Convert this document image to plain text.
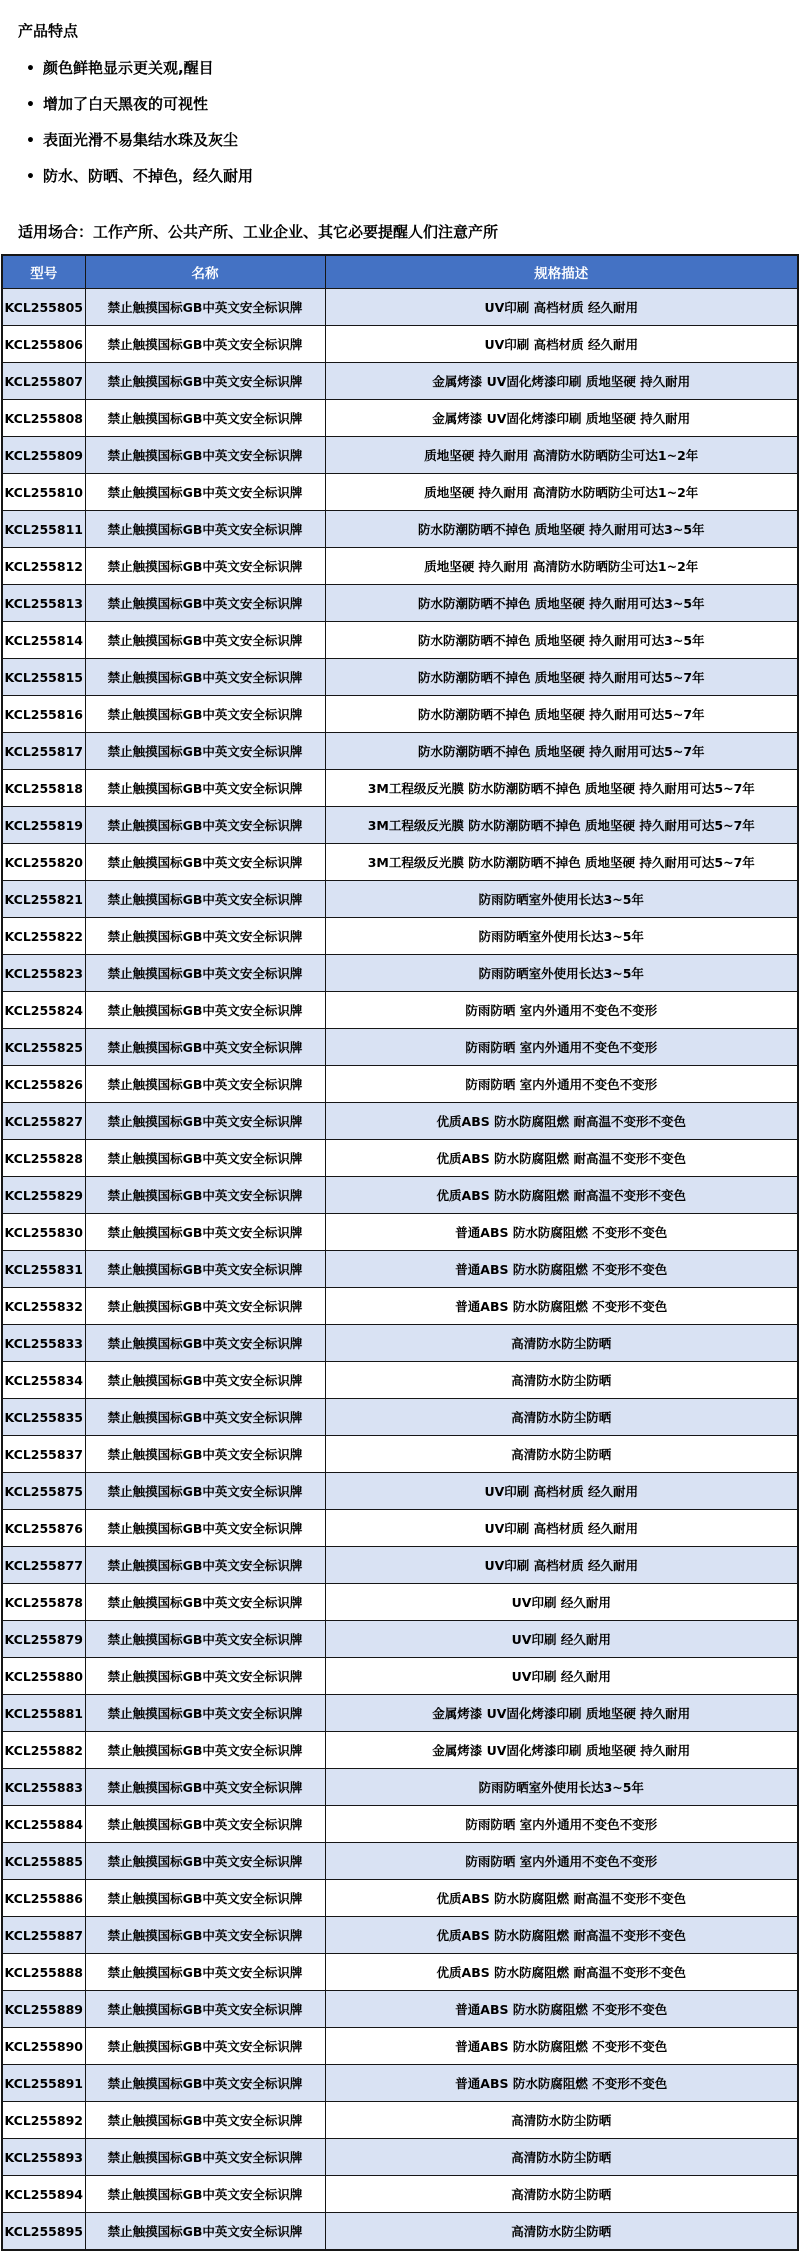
产品特点
• 颜色鲜艳显示更关观,醒目
• 增加了白天黑夜的可视性
• 表面光滑不易集结水珠及灰尘
• 防水、防晒、不掉色，经久耐用
适用场合：工作产所、公共产所、工业企业、其它必要提醒人们注意产所
型号	名称	规格描述
KCL255805	禁止触摸国标GB中英文安全标识牌	UV印刷 高档材质 经久耐用
KCL255806	禁止触摸国标GB中英文安全标识牌	UV印刷 高档材质 经久耐用
KCL255807	禁止触摸国标GB中英文安全标识牌	金属烤漆 UV固化烤漆印刷 质地坚硬 持久耐用
KCL255808	禁止触摸国标GB中英文安全标识牌	金属烤漆 UV固化烤漆印刷 质地坚硬 持久耐用
KCL255809	禁止触摸国标GB中英文安全标识牌	质地坚硬 持久耐用 高清防水防晒防尘可达1~2年
KCL255810	禁止触摸国标GB中英文安全标识牌	质地坚硬 持久耐用 高清防水防晒防尘可达1~2年
KCL255811	禁止触摸国标GB中英文安全标识牌	防水防潮防晒不掉色 质地坚硬 持久耐用可达3~5年
KCL255812	禁止触摸国标GB中英文安全标识牌	质地坚硬 持久耐用 高清防水防晒防尘可达1~2年
KCL255813	禁止触摸国标GB中英文安全标识牌	防水防潮防晒不掉色 质地坚硬 持久耐用可达3~5年
KCL255814	禁止触摸国标GB中英文安全标识牌	防水防潮防晒不掉色 质地坚硬 持久耐用可达3~5年
KCL255815	禁止触摸国标GB中英文安全标识牌	防水防潮防晒不掉色 质地坚硬 持久耐用可达5~7年
KCL255816	禁止触摸国标GB中英文安全标识牌	防水防潮防晒不掉色 质地坚硬 持久耐用可达5~7年
KCL255817	禁止触摸国标GB中英文安全标识牌	防水防潮防晒不掉色 质地坚硬 持久耐用可达5~7年
KCL255818	禁止触摸国标GB中英文安全标识牌	3M工程级反光膜 防水防潮防晒不掉色 质地坚硬 持久耐用可达5~7年
KCL255819	禁止触摸国标GB中英文安全标识牌	3M工程级反光膜 防水防潮防晒不掉色 质地坚硬 持久耐用可达5~7年
KCL255820	禁止触摸国标GB中英文安全标识牌	3M工程级反光膜 防水防潮防晒不掉色 质地坚硬 持久耐用可达5~7年
KCL255821	禁止触摸国标GB中英文安全标识牌	防雨防晒室外使用长达3~5年
KCL255822	禁止触摸国标GB中英文安全标识牌	防雨防晒室外使用长达3~5年
KCL255823	禁止触摸国标GB中英文安全标识牌	防雨防晒室外使用长达3~5年
KCL255824	禁止触摸国标GB中英文安全标识牌	防雨防晒 室内外通用不变色不变形
KCL255825	禁止触摸国标GB中英文安全标识牌	防雨防晒 室内外通用不变色不变形
KCL255826	禁止触摸国标GB中英文安全标识牌	防雨防晒 室内外通用不变色不变形
KCL255827	禁止触摸国标GB中英文安全标识牌	优质ABS 防水防腐阻燃 耐高温不变形不变色
KCL255828	禁止触摸国标GB中英文安全标识牌	优质ABS 防水防腐阻燃 耐高温不变形不变色
KCL255829	禁止触摸国标GB中英文安全标识牌	优质ABS 防水防腐阻燃 耐高温不变形不变色
KCL255830	禁止触摸国标GB中英文安全标识牌	普通ABS 防水防腐阻燃 不变形不变色
KCL255831	禁止触摸国标GB中英文安全标识牌	普通ABS 防水防腐阻燃 不变形不变色
KCL255832	禁止触摸国标GB中英文安全标识牌	普通ABS 防水防腐阻燃 不变形不变色
KCL255833	禁止触摸国标GB中英文安全标识牌	高清防水防尘防晒
KCL255834	禁止触摸国标GB中英文安全标识牌	高清防水防尘防晒
KCL255835	禁止触摸国标GB中英文安全标识牌	高清防水防尘防晒
KCL255837	禁止触摸国标GB中英文安全标识牌	高清防水防尘防晒
KCL255875	禁止触摸国标GB中英文安全标识牌	UV印刷 高档材质 经久耐用
KCL255876	禁止触摸国标GB中英文安全标识牌	UV印刷 高档材质 经久耐用
KCL255877	禁止触摸国标GB中英文安全标识牌	UV印刷 高档材质 经久耐用
KCL255878	禁止触摸国标GB中英文安全标识牌	UV印刷 经久耐用
KCL255879	禁止触摸国标GB中英文安全标识牌	UV印刷 经久耐用
KCL255880	禁止触摸国标GB中英文安全标识牌	UV印刷 经久耐用
KCL255881	禁止触摸国标GB中英文安全标识牌	金属烤漆 UV固化烤漆印刷 质地坚硬 持久耐用
KCL255882	禁止触摸国标GB中英文安全标识牌	金属烤漆 UV固化烤漆印刷 质地坚硬 持久耐用
KCL255883	禁止触摸国标GB中英文安全标识牌	防雨防晒室外使用长达3~5年
KCL255884	禁止触摸国标GB中英文安全标识牌	防雨防晒 室内外通用不变色不变形
KCL255885	禁止触摸国标GB中英文安全标识牌	防雨防晒 室内外通用不变色不变形
KCL255886	禁止触摸国标GB中英文安全标识牌	优质ABS 防水防腐阻燃 耐高温不变形不变色
KCL255887	禁止触摸国标GB中英文安全标识牌	优质ABS 防水防腐阻燃 耐高温不变形不变色
KCL255888	禁止触摸国标GB中英文安全标识牌	优质ABS 防水防腐阻燃 耐高温不变形不变色
KCL255889	禁止触摸国标GB中英文安全标识牌	普通ABS 防水防腐阻燃 不变形不变色
KCL255890	禁止触摸国标GB中英文安全标识牌	普通ABS 防水防腐阻燃 不变形不变色
KCL255891	禁止触摸国标GB中英文安全标识牌	普通ABS 防水防腐阻燃 不变形不变色
KCL255892	禁止触摸国标GB中英文安全标识牌	高清防水防尘防晒
KCL255893	禁止触摸国标GB中英文安全标识牌	高清防水防尘防晒
KCL255894	禁止触摸国标GB中英文安全标识牌	高清防水防尘防晒
KCL255895	禁止触摸国标GB中英文安全标识牌	高清防水防尘防晒
